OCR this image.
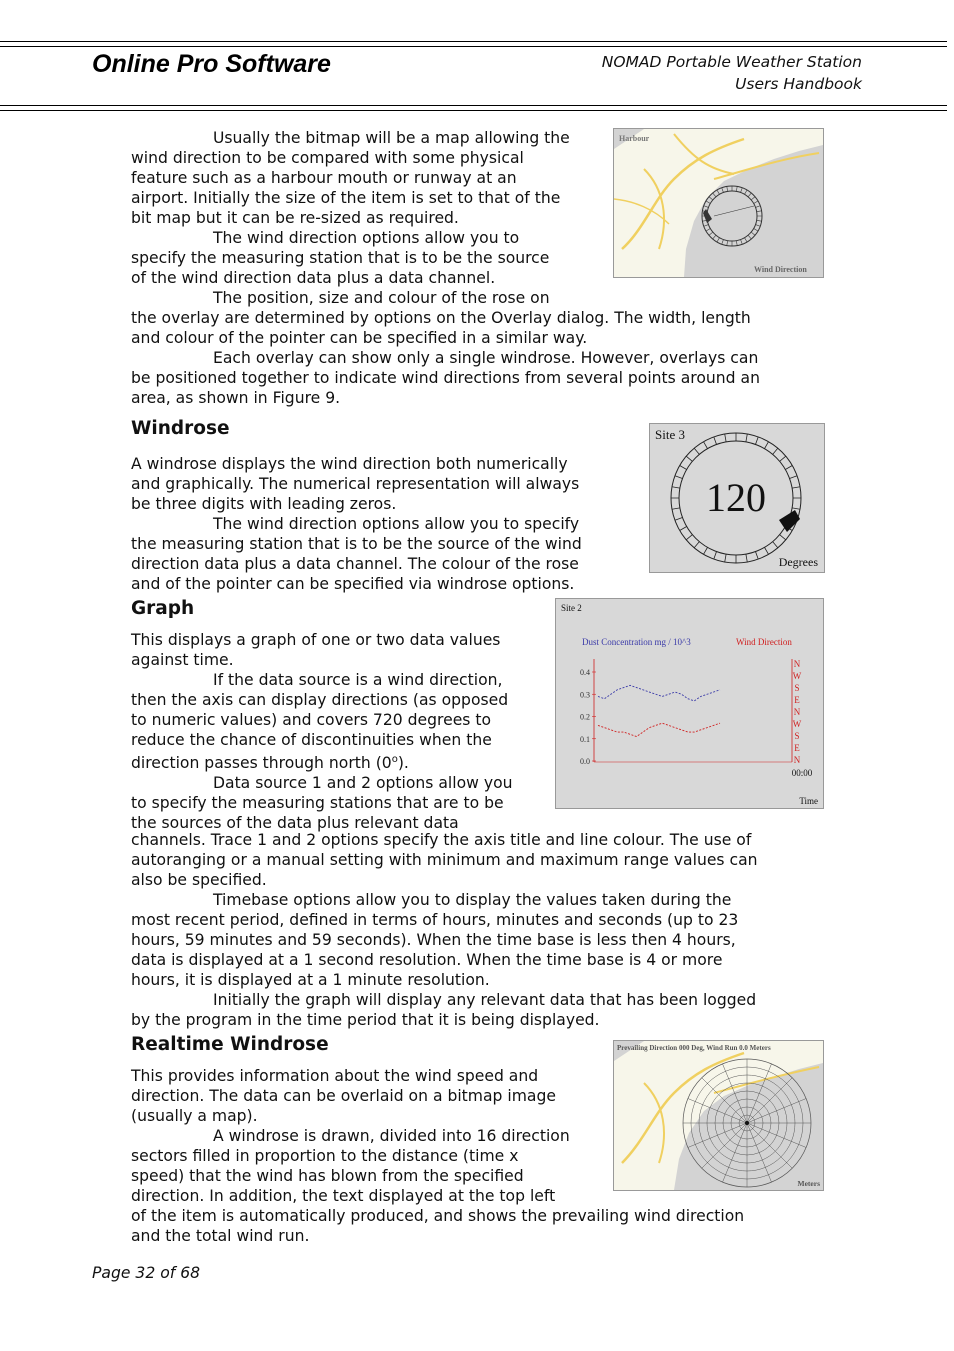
Online Pro Software	NOMAD Portable Weather Station
Users Handbook
Usually the bitmap will be a map allowing the
wind direction to be compared with some physical
feature such as a harbour mouth or runway at an
airport. Initially the size of the item is set to that of the
bit map but it can be re-sized as required.
The wind direction options allow you to
specify the measuring station that is to be the source
of the wind direction data plus a data channel.
The position, size and colour of the rose on
the overlay are determined by options on the Overlay dialog. The width, length
and colour of the pointer can be specified in a similar way.
Each overlay can show only a single windrose. However, overlays can
be positioned together to indicate wind directions from several points around an
area, as shown in Figure 9.
Harbour
Wind Direction
Windrose
A windrose displays the wind direction both numerically
and graphically. The numerical representation will always
be three digits with leading zeros.
The wind direction options allow you to specify
the measuring station that is to be the source of the wind
direction data plus a data channel. The colour of the rose
and of the pointer can be specified via windrose options.
Site 3
120
Degrees
Graph
This displays a graph of one or two data values
against time.
If the data source is a wind direction,
then the axis can display directions (as opposed
to numeric values) and covers 720 degrees to
reduce the chance of discontinuities when the
direction passes through north (0$^o$).
Data source 1 and 2 options allow you
to specify the measuring stations that are to be
the sources of the data plus relevant data
channels. Trace 1 and 2 options specify the axis title and line colour. The use of
autoranging or a manual setting with minimum and maximum range values can
also be specified.
Timebase options allow you to display the values taken during the
most recent period, defined in terms of hours, minutes and seconds (up to 23
hours, 59 minutes and 59 seconds). When the time base is less then 4 hours,
data is displayed at a 1 second resolution. When the time base is 4 or more
hours, it is displayed at a 1 minute resolution.
Initially the graph will display any relevant data that has been logged
by the program in the time period that it is being displayed.
Site 2
Dust Concentration mg / 10^3	Wind Direction
0.4
0.3
0.2
0.1
0.0
N
W
S
E
N
W
S
E
N
00:00
Time
Realtime Windrose
This provides information about the wind speed and
direction. The data can be overlaid on a bitmap image
(usually a map).
A windrose is drawn, divided into 16 direction
sectors filled in proportion to the distance (time x
speed) that the wind has blown from the specified
direction. In addition, the text displayed at the top left
of the item is automatically produced, and shows the prevailing wind direction
and the total wind run.
Prevailing Direction 000 Deg, Wind Run 0.0 Meters
Meters
Page 32 of 68
